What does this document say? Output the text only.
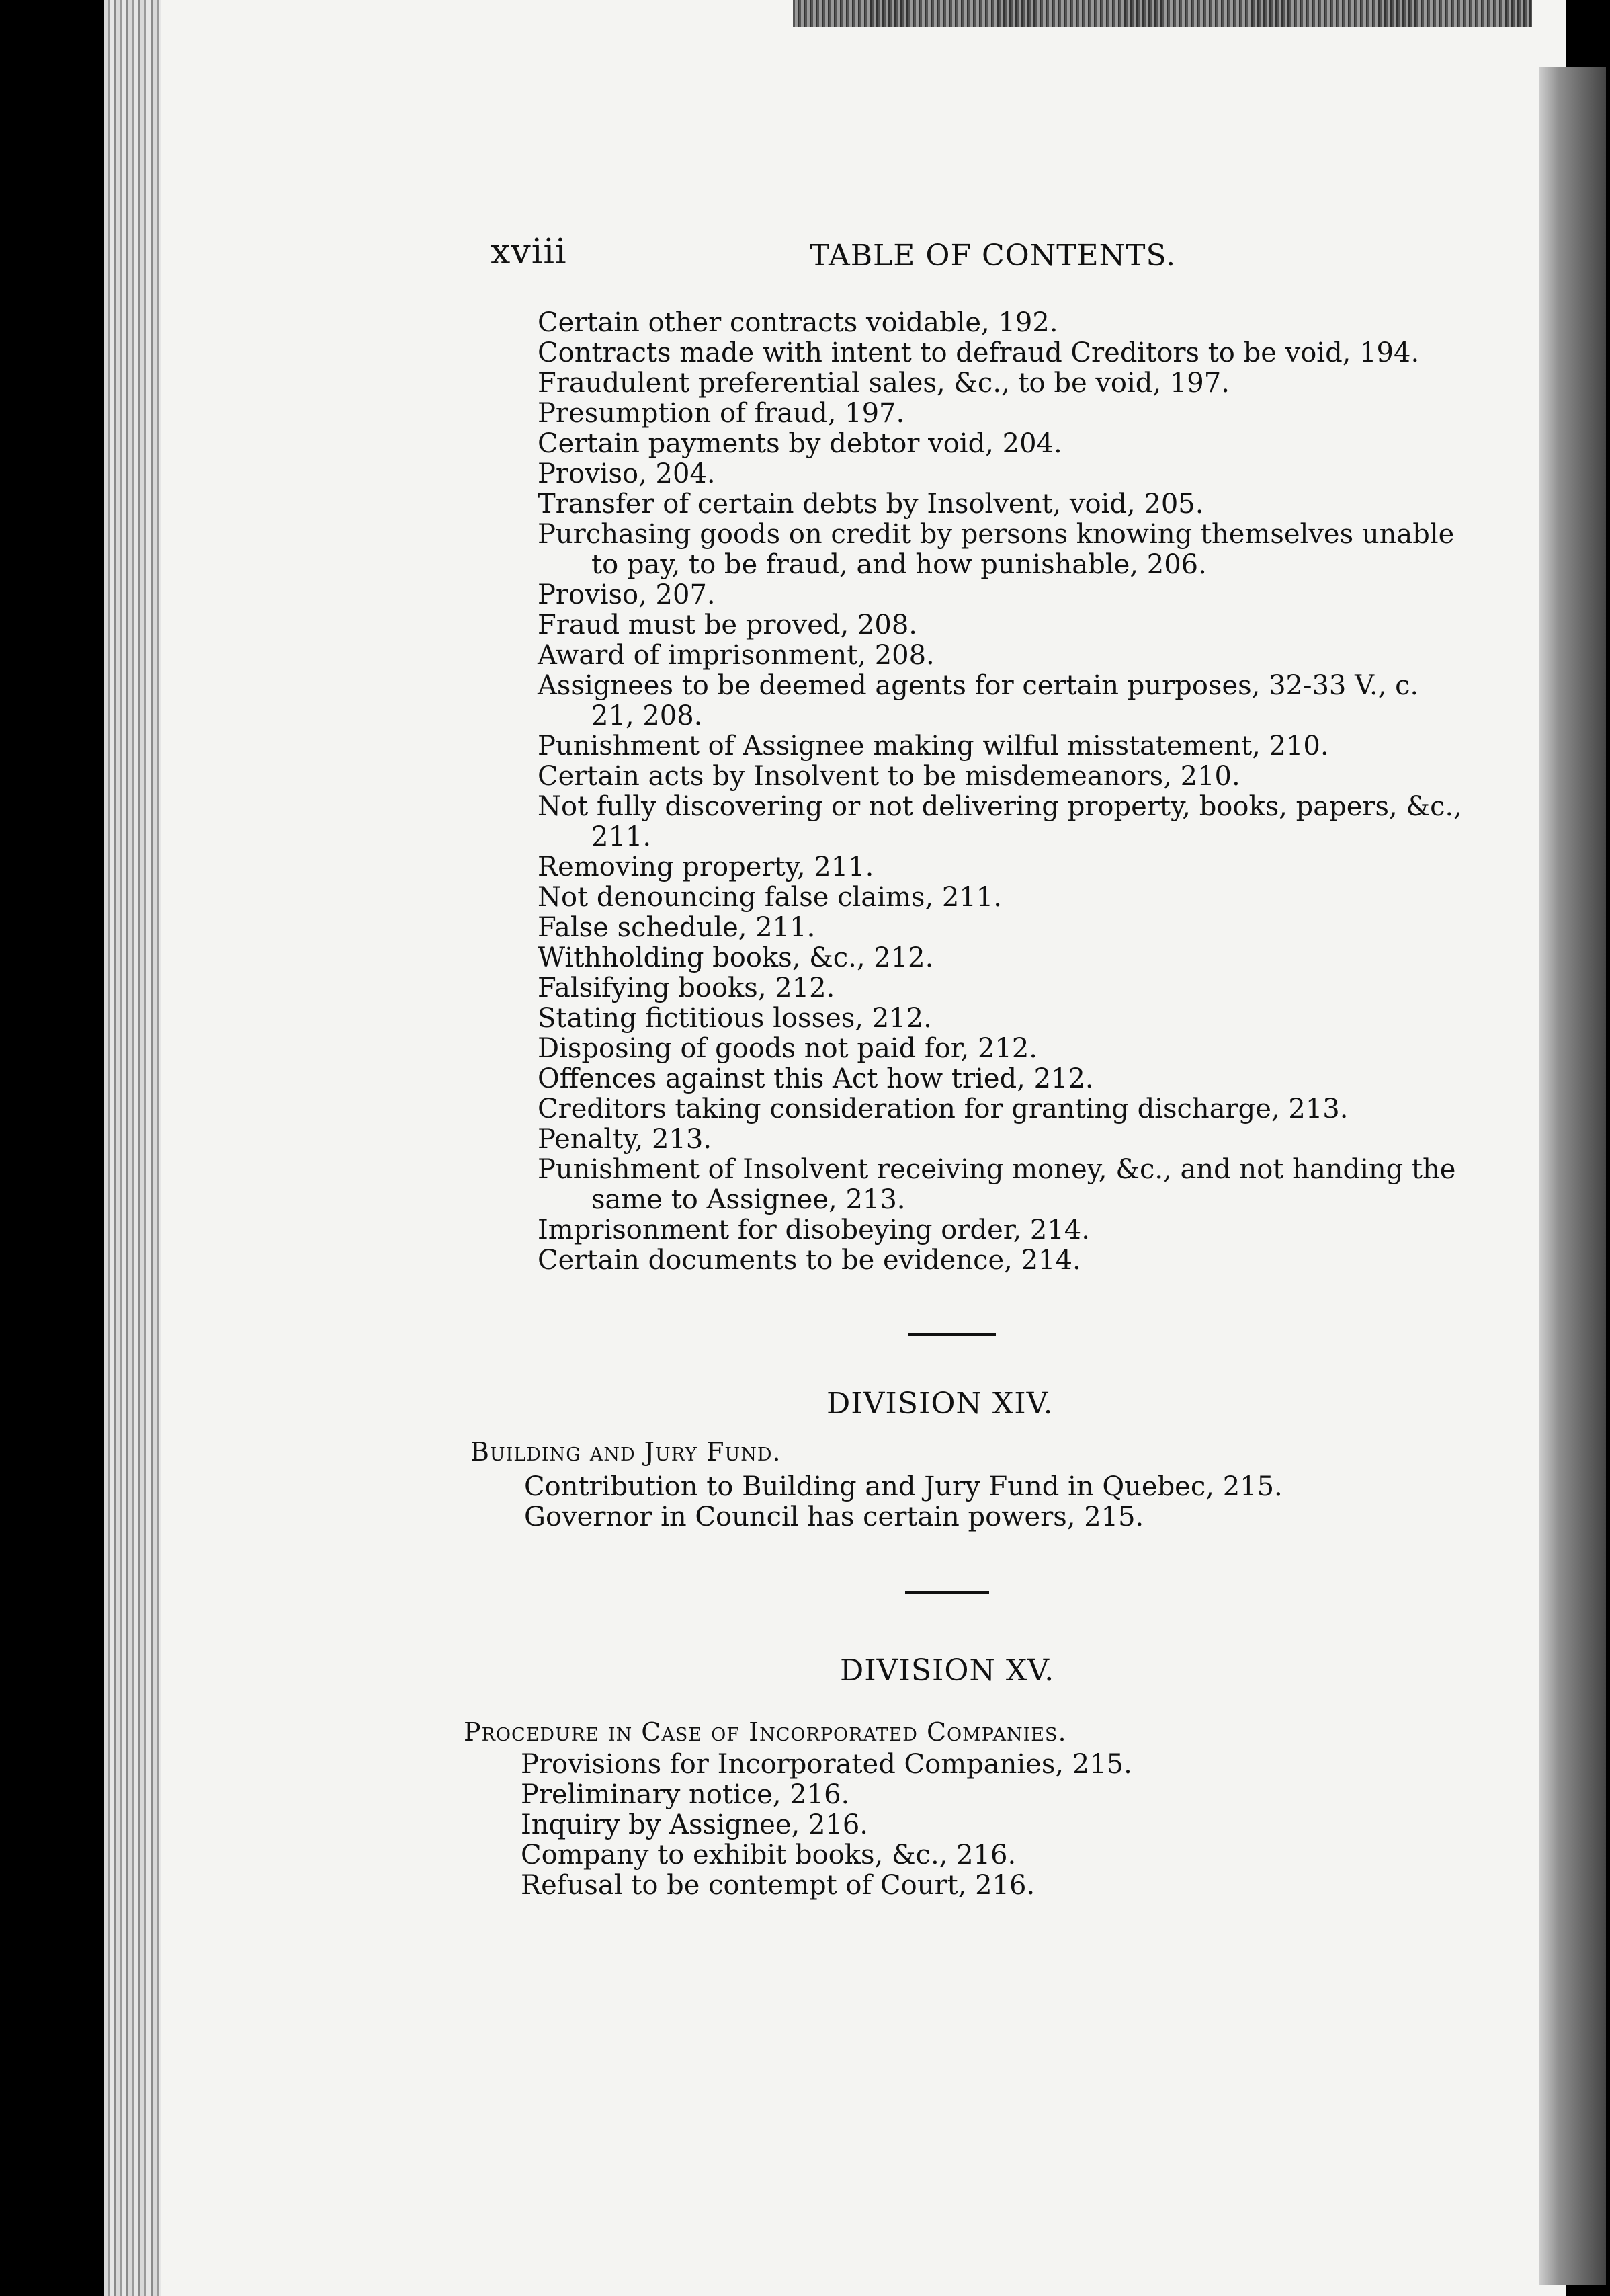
xviii	TABLE OF CONTENTS.

Certain other contracts voidable, 192.

Contracts made with intent to defraud Creditors to be void, 194.

Fraudulent preferential sales, &c., to be void, 197.

Presumption of fraud, 197.

Certain payments by debtor void, 204.

Proviso, 204.

Transfer of certain debts by Insolvent, void, 205.

Purchasing goods on credit by persons knowing themselves unable to pay, to be fraud, and how punishable, 206.

Proviso, 207.

Fraud must be proved, 208.

Award of imprisonment, 208.

Assignees to be deemed agents for certain purposes, 32-33 V., c. 21, 208.

Punishment of Assignee making wilful misstatement, 210.

Certain acts by Insolvent to be misdemeanors, 210.

Not fully discovering or not delivering property, books, papers, &c., 211.

Removing property, 211.

Not denouncing false claims, 211.

False schedule, 211.

Withholding books, &c., 212.

Falsifying books, 212.

Stating fictitious losses, 212.

Disposing of goods not paid for, 212.

Offences against this Act how tried, 212.

Creditors taking consideration for granting discharge, 213.

Penalty, 213.

Punishment of Insolvent receiving money, &c., and not handing the same to Assignee, 213.

Imprisonment for disobeying order, 214.

Certain documents to be evidence, 214.

DIVISION XIV.
Building and Jury Fund.

Contribution to Building and Jury Fund in Quebec, 215.

Governor in Council has certain powers, 215.

DIVISION XV.
Procedure in Case of Incorporated Companies.

Provisions for Incorporated Companies, 215.

Preliminary notice, 216.

Inquiry by Assignee, 216.

Company to exhibit books, &c., 216.

Refusal to be contempt of Court, 216.
